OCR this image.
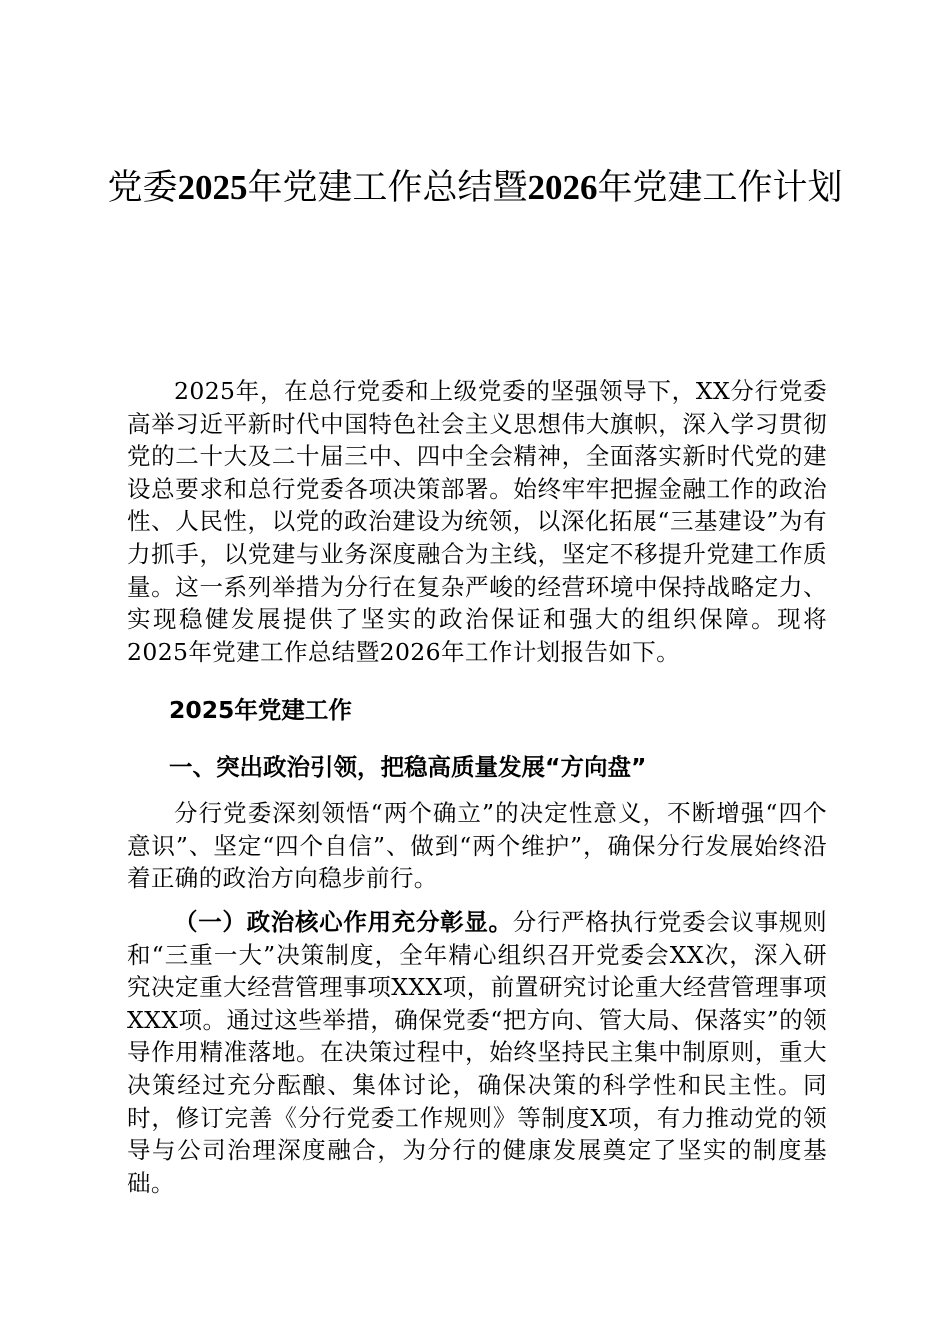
党委2025年党建工作总结暨2026年党建工作计划

2025年，在总行党委和上级党委的坚强领导下，XX分行党委高举习近平新时代中国特色社会主义思想伟大旗帜，深入学习贯彻党的二十大及二十届三中、四中全会精神，全面落实新时代党的建设总要求和总行党委各项决策部署。始终牢牢把握金融工作的政治性、人民性，以党的政治建设为统领，以深化拓展“三基建设”为有力抓手，以党建与业务深度融合为主线，坚定不移提升党建工作质量。这一系列举措为分行在复杂严峻的经营环境中保持战略定力、实现稳健发展提供了坚实的政治保证和强大的组织保障。现将2025年党建工作总结暨2026年工作计划报告如下。

2025年党建工作

一、突出政治引领，把稳高质量发展“方向盘”

分行党委深刻领悟“两个确立”的决定性意义，不断增强“四个意识”、坚定“四个自信”、做到“两个维护”，确保分行发展始终沿着正确的政治方向稳步前行。

（一）政治核心作用充分彰显。分行严格执行党委会议事规则和“三重一大”决策制度，全年精心组织召开党委会XX次，深入研究决定重大经营管理事项XXX项，前置研究讨论重大经营管理事项XXX项。通过这些举措，确保党委“把方向、管大局、保落实”的领导作用精准落地。在决策过程中，始终坚持民主集中制原则，重大决策经过充分酝酿、集体讨论，确保决策的科学性和民主性。同时，修订完善《分行党委工作规则》等制度X项，有力推动党的领导与公司治理深度融合，为分行的健康发展奠定了坚实的制度基础。
